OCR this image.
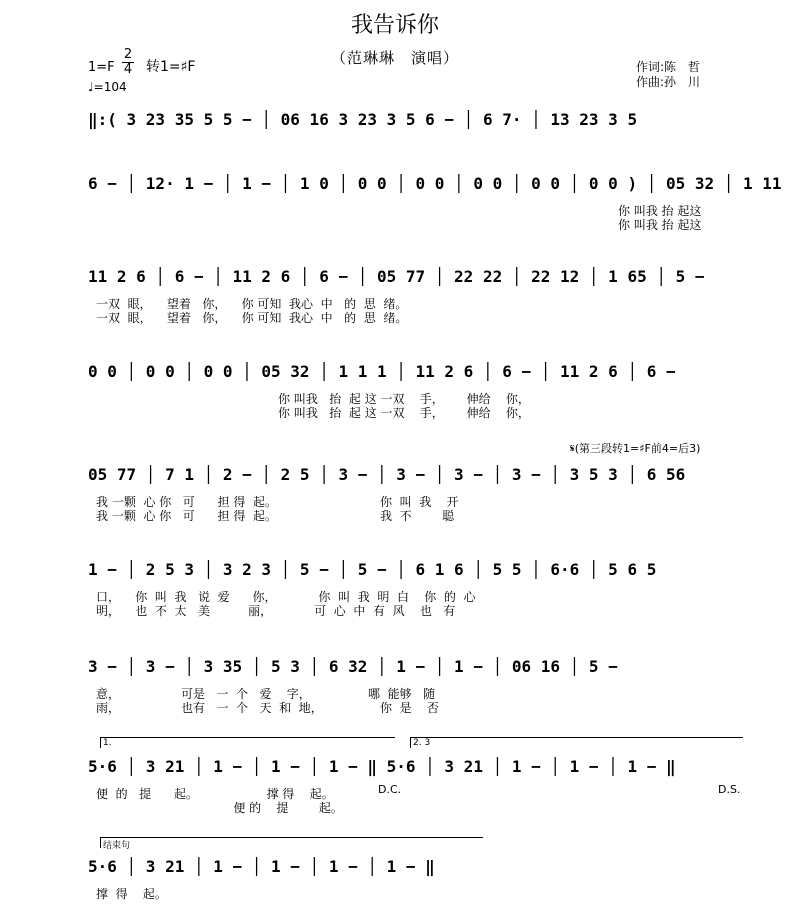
我告诉你
（范琳琳　演唱）
1=F
2
4 转1=♯F
♩=104
作词:陈　哲
作曲:孙　川
‖:( 3 23 35 5 5 − │ 06 16 3 23 3 5 6 − │ 6 7· │ 13 23 3 5
6 − │ 12· 1 − │ 1 − │ 1 0 │ 0 0 │ 0 0 │ 0 0 │ 0 0 │ 0 0 ) │ 05 32 │ 1 11
你 叫我 抬 起这
你 叫我 抬 起这
11 2 6 │ 6 − │ 11 2 6 │ 6 − │ 05 77 │ 22 22 │ 22 12 │ 1 65 │ 5 −
一双  眼，    望着   你，    你 可知  我心  中   的  思  绪。
一双  眼，    望着   你，    你 可知  我心  中   的  思  绪。
0 0 │ 0 0 │ 0 0 │ 05 32 │ 1 1 1 │ 11 2 6 │ 6 − │ 11 2 6 │ 6 −
你 叫我   抬  起 这 一双    手，      伸给    你，
你 叫我   抬  起 这 一双    手，      伸给    你，
𝄋(第三段转1=♯F前4=后3)
05 77 │ 7 1 │ 2 − │ 2 5 │ 3 − │ 3 − │ 3 − │ 3 − │ 3 5 3 │ 6 56
我 一颗  心 你   可      担 得  起。                           你  叫  我    开
我 一颗  心 你   可      担 得  起。                           我  不        聪
1 − │ 2 5 3 │ 3 2 3 │ 5 − │ 5 − │ 6 1 6 │ 5 5 │ 6·6 │ 5 6 5
口，    你  叫  我   说  爱      你，           你  叫  我  明  白    你  的  心
明，    也  不  太   美          丽，           可  心  中  有  风    也   有
3 − │ 3 − │ 3 35 │ 5 3 │ 6 32 │ 1 − │ 1 − │ 06 16 │ 5 −
意，                可是   一  个   爱    字，               哪  能够   随
雨，                也有   一  个   天  和  地，               你  是    否
1.	2. 3
5·6 │ 3 21 │ 1 − │ 1 − │ 1 − ‖ 5·6 │ 3 21 │ 1 − │ 1 − │ 1 − ‖
便  的   提      起。                  撑 得    起。
便 的    提        起。
D.C.	D.S.
结束句
5·6 │ 3 21 │ 1 − │ 1 − │ 1 − │ 1 − ‖
撑  得    起。
